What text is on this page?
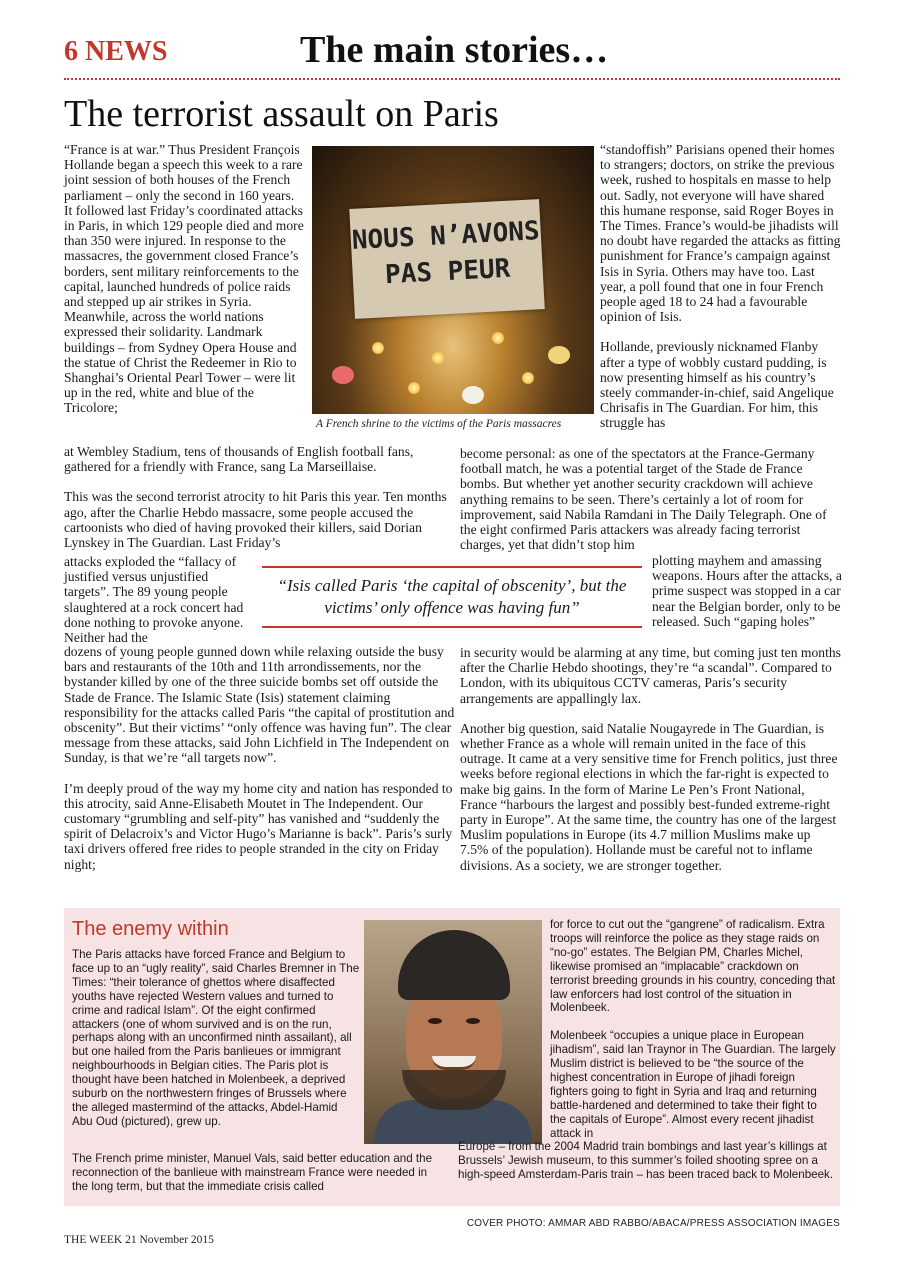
6 NEWS	The main stories…
The terrorist assault on Paris
“France is at war.” Thus President François Hollande began a speech this week to a rare joint session of both houses of the French parliament – only the second in 160 years. It followed last Friday’s coordinated attacks in Paris, in which 129 people died and more than 350 were injured. In response to the massacres, the government closed France’s borders, sent military reinforcements to the capital, launched hundreds of police raids and stepped up air strikes in Syria. Meanwhile, across the world nations expressed their solidarity. Landmark buildings – from Sydney Opera House and the statue of Christ the Redeemer in Rio to Shanghai’s Oriental Pearl Tower – were lit up in the red, white and blue of the Tricolore;

at Wembley Stadium, tens of thousands of English football fans, gathered for a friendly with France, sang La Marseillaise.

This was the second terrorist atrocity to hit Paris this year. Ten months ago, after the Charlie Hebdo massacre, some people accused the cartoonists who died of having provoked their killers, said Dorian Lynskey in The Guardian. Last Friday’s

attacks exploded the “fallacy of justified versus unjustified targets”. The 89 young people slaughtered at a rock concert had done nothing to provoke anyone. Neither had the

dozens of young people gunned down while relaxing outside the busy bars and restaurants of the 10th and 11th arrondissements, nor the bystander killed by one of the three suicide bombs set off outside the Stade de France. The Islamic State (Isis) statement claiming responsibility for the attacks called Paris “the capital of prostitution and obscenity”. But their victims’ “only offence was having fun”. The clear message from these attacks, said John Lichfield in The Independent on Sunday, is that we’re “all targets now”.

I’m deeply proud of the way my home city and nation has responded to this atrocity, said Anne-Elisabeth Moutet in The Independent. Our customary “grumbling and self-pity” has vanished and “suddenly the spirit of Delacroix’s and Victor Hugo’s Marianne is back”. Paris’s surly taxi drivers offered free rides to people stranded in the city on Friday night;

NOUS N’AVONS PAS PEUR
A French shrine to the victims of the Paris massacres

“standoffish” Parisians opened their homes to strangers; doctors, on strike the previous week, rushed to hospitals en masse to help out. Sadly, not everyone will have shared this humane response, said Roger Boyes in The Times. France’s would-be jihadists will no doubt have regarded the attacks as fitting punishment for France’s campaign against Isis in Syria. Others may have too. Last year, a poll found that one in four French people aged 18 to 24 had a favourable opinion of Isis.

Hollande, previously nicknamed Flanby after a type of wobbly custard pudding, is now presenting himself as his country’s steely commander-in-chief, said Angelique Chrisafis in The Guardian. For him, this struggle has

become personal: as one of the spectators at the France-Germany football match, he was a potential target of the Stade de France bombs. But whether yet another security crackdown will achieve anything remains to be seen. There’s certainly a lot of room for improvement, said Nabila Ramdani in The Daily Telegraph. One of the eight confirmed Paris attackers was already facing terrorist charges, yet that didn’t stop him
plotting mayhem and amassing weapons. Hours after the attacks, a prime suspect was stopped in a car near the Belgian border, only to be released. Such “gaping holes”

in security would be alarming at any time, but coming just ten months after the Charlie Hebdo shootings, they’re “a scandal”. Compared to London, with its ubiquitous CCTV cameras, Paris’s security arrangements are appallingly lax.

Another big question, said Natalie Nougayrede in The Guardian, is whether France as a whole will remain united in the face of this outrage. It came at a very sensitive time for French politics, just three weeks before regional elections in which the far-right is expected to make big gains. In the form of Marine Le Pen’s Front National, France “harbours the largest and possibly best-funded extreme-right party in Europe”. At the same time, the country has one of the largest Muslim populations in Europe (its 4.7 million Muslims make up 7.5% of the population). Hollande must be careful not to inflame divisions. As a society, we are stronger together.

“Isis called Paris ‘the capital of obscenity’, but the victims’ only offence was having fun”
The enemy within
The Paris attacks have forced France and Belgium to face up to an “ugly reality”, said Charles Bremner in The Times: “their tolerance of ghettos where disaffected youths have rejected Western values and turned to crime and radical Islam”. Of the eight confirmed attackers (one of whom survived and is on the run, perhaps along with an unconfirmed ninth assailant), all but one hailed from the Paris banlieues or immigrant neighbourhoods in Belgian cities. The Paris plot is thought have been hatched in Molenbeek, a deprived suburb on the northwestern fringes of Brussels where the alleged mastermind of the attacks, Abdel-Hamid Abu Oud (pictured), grew up.
The French prime minister, Manuel Vals, said better education and the reconnection of the banlieue with mainstream France were needed in the long term, but that the immediate crisis called

for force to cut out the “gangrene” of radicalism. Extra troops will reinforce the police as they stage raids on “no-go” estates. The Belgian PM, Charles Michel, likewise promised an “implacable” crackdown on terrorist breeding grounds in his country, conceding that law enforcers had lost control of the situation in Molenbeek.

Molenbeek “occupies a unique place in European jihadism”, said Ian Traynor in The Guardian. The largely Muslim district is believed to be “the source of the highest concentration in Europe of jihadi foreign fighters going to fight in Syria and Iraq and returning battle-hardened and determined to take their fight to the capitals of Europe”. Almost every recent jihadist attack in

Europe – from the 2004 Madrid train bombings and last year’s killings at Brussels’ Jewish museum, to this summer’s foiled shooting spree on a high-speed Amsterdam-Paris train – has been traced back to Molenbeek.
COVER PHOTO: AMMAR ABD RABBO/ABACA/PRESS ASSOCIATION IMAGES
THE WEEK 21 November 2015
